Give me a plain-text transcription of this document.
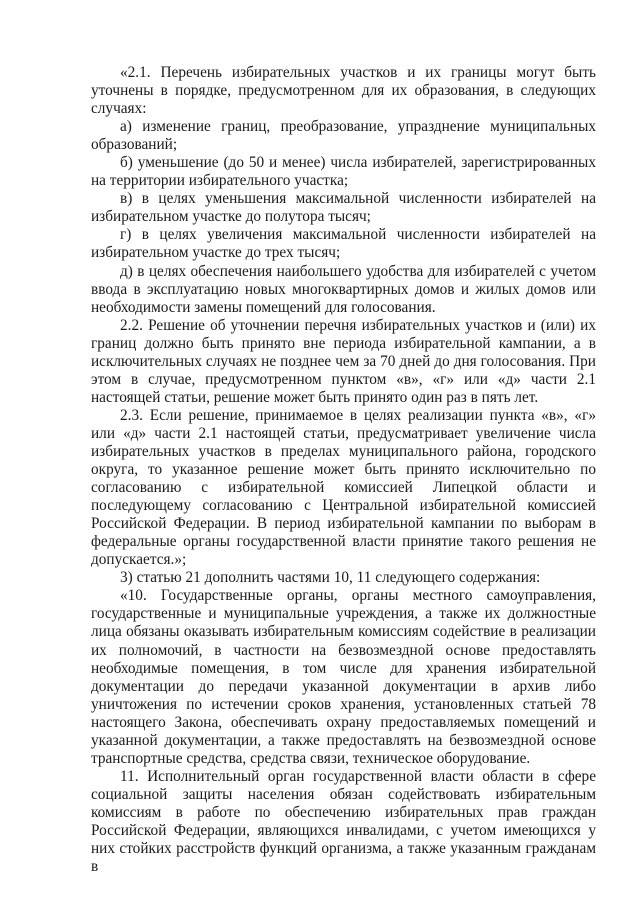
«2.1. Перечень избирательных участков и их границы могут быть уточнены в порядке, предусмотренном для их образования, в следующих случаях:

а) изменение границ, преобразование, упразднение муниципальных образований;

б) уменьшение (до 50 и менее) числа избирателей, зарегистрированных на территории избирательного участка;

в) в целях уменьшения максимальной численности избирателей на избирательном участке до полутора тысяч;

г) в целях увеличения максимальной численности избирателей на избирательном участке до трех тысяч;

д) в целях обеспечения наибольшего удобства для избирателей с учетом ввода в эксплуатацию новых многоквартирных домов и жилых домов или необходимости замены помещений для голосования.

2.2. Решение об уточнении перечня избирательных участков и (или) их границ должно быть принято вне периода избирательной кампании, а в исключительных случаях не позднее чем за 70 дней до дня голосования. При этом в случае, предусмотренном пунктом «в», «г» или «д» части 2.1 настоящей статьи, решение может быть принято один раз в пять лет.

2.3. Если решение, принимаемое в целях реализации пункта «в», «г» или «д» части 2.1 настоящей статьи, предусматривает увеличение числа избирательных участков в пределах муниципального района, городского округа, то указанное решение может быть принято исключительно по согласованию с избирательной комиссией Липецкой области и последующему согласованию с Центральной избирательной комиссией Российской Федерации. В период избирательной кампании по выборам в федеральные органы государственной власти принятие такого решения не допускается.»;

3) статью 21 дополнить частями 10, 11 следующего содержания:

«10. Государственные органы, органы местного самоуправления, государственные и муниципальные учреждения, а также их должностные лица обязаны оказывать избирательным комиссиям содействие в реализации их полномочий, в частности на безвозмездной основе предоставлять необходимые помещения, в том числе для хранения избирательной документации до передачи указанной документации в архив либо уничтожения по истечении сроков хранения, установленных статьей 78 настоящего Закона, обеспечивать охрану предоставляемых помещений и указанной документации, а также предоставлять на безвозмездной основе транспортные средства, средства связи, техническое оборудование.

11. Исполнительный орган государственной власти области в сфере социальной защиты населения обязан содействовать избирательным комиссиям в работе по обеспечению избирательных прав граждан Российской Федерации, являющихся инвалидами, с учетом имеющихся у них стойких расстройств функций организма, а также указанным гражданам в
